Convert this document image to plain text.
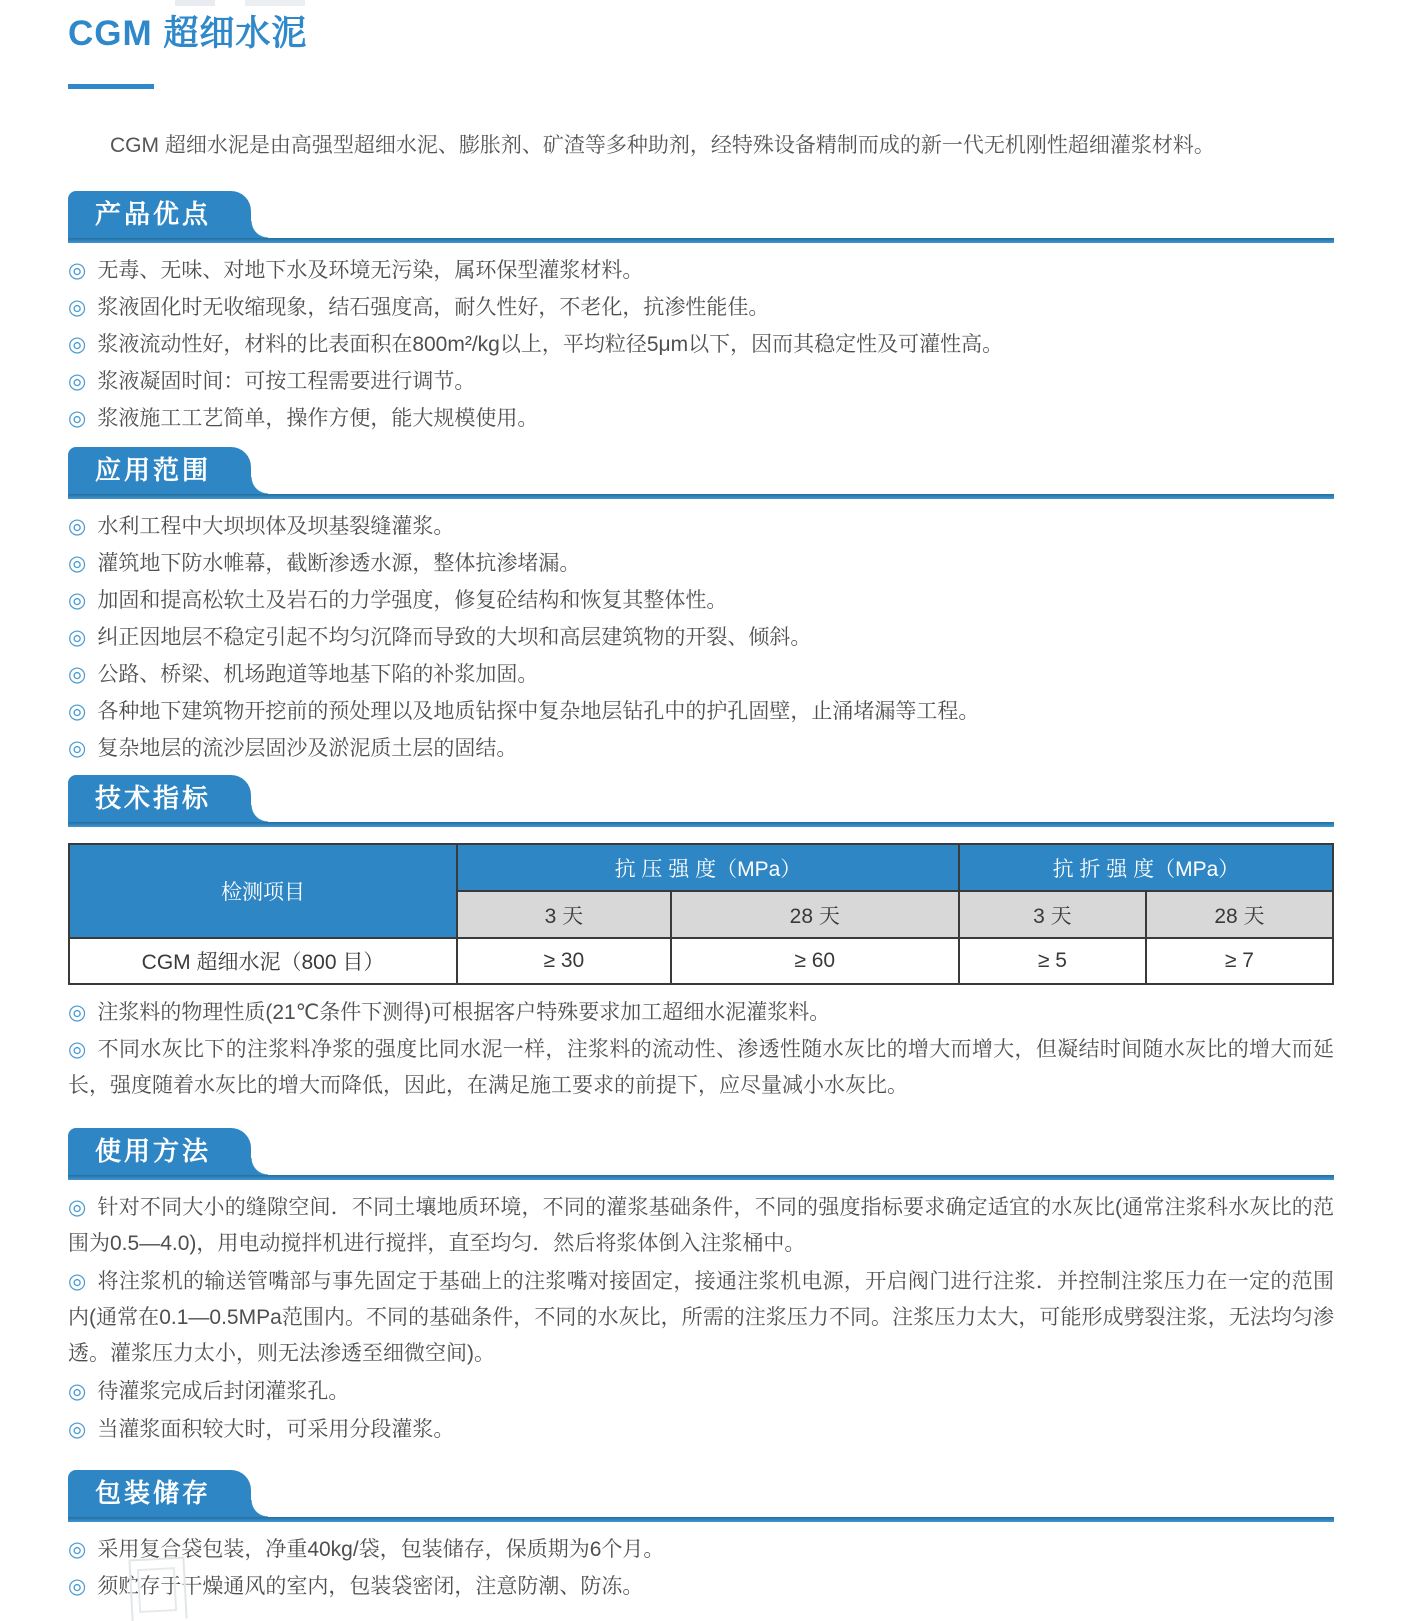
CGM 超细水泥

CGM 超细水泥是由高强型超细水泥、膨胀剂、矿渣等多种助剂，经特殊设备精制而成的新一代无机刚性超细灌浆材料。

产品优点
◎ 无毒、无味、对地下水及环境无污染，属环保型灌浆材料。
◎ 浆液固化时无收缩现象，结石强度高，耐久性好，不老化，抗渗性能佳。
◎ 浆液流动性好，材料的比表面积在800m²/kg以上，平均粒径5μm以下，因而其稳定性及可灌性高。
◎ 浆液凝固时间：可按工程需要进行调节。
◎ 浆液施工工艺简单，操作方便，能大规模使用。
应用范围
◎ 水利工程中大坝坝体及坝基裂缝灌浆。
◎ 灌筑地下防水帷幕，截断渗透水源，整体抗渗堵漏。
◎ 加固和提高松软土及岩石的力学强度，修复砼结构和恢复其整体性。
◎ 纠正因地层不稳定引起不均匀沉降而导致的大坝和高层建筑物的开裂、倾斜。
◎ 公路、桥梁、机场跑道等地基下陷的补浆加固。
◎ 各种地下建筑物开挖前的预处理以及地质钻探中复杂地层钻孔中的护孔固壁，止涌堵漏等工程。
◎ 复杂地层的流沙层固沙及淤泥质土层的固结。
技术指标
检测项目	抗 压 强 度（MPa）		抗 折 强 度（MPa）	
	3 天	28 天	3 天	28 天
CGM 超细水泥（800 目）	≥ 30	≥ 60	≥ 5	≥ 7
◎ 注浆料的物理性质(21℃条件下测得)可根据客户特殊要求加工超细水泥灌浆料。
◎ 不同水灰比下的注浆料净浆的强度比同水泥一样，注浆料的流动性、渗透性随水灰比的增大而增大，但凝结时间随水灰比的增大而延长，强度随着水灰比的增大而降低，因此，在满足施工要求的前提下，应尽量减小水灰比。
使用方法
◎ 针对不同大小的缝隙空间．不同土壤地质环境，不同的灌浆基础条件，不同的强度指标要求确定适宜的水灰比(通常注浆科水灰比的范围为0.5—4.0)，用电动搅拌机进行搅拌，直至均匀．然后将浆体倒入注浆桶中。
◎ 将注浆机的输送管嘴部与事先固定于基础上的注浆嘴对接固定，接通注浆机电源，开启阀门进行注浆．并控制注浆压力在一定的范围内(通常在0.1—0.5MPa范围内。不同的基础条件，不同的水灰比，所需的注浆压力不同。注浆压力太大，可能形成劈裂注浆，无法均匀渗透。灌浆压力太小，则无法渗透至细微空间)。
◎ 待灌浆完成后封闭灌浆孔。
◎ 当灌浆面积较大时，可采用分段灌浆。
包装储存
◎ 采用复合袋包装，净重40kg/袋，包装储存，保质期为6个月。
◎ 须贮存于干燥通风的室内，包装袋密闭，注意防潮、防冻。
